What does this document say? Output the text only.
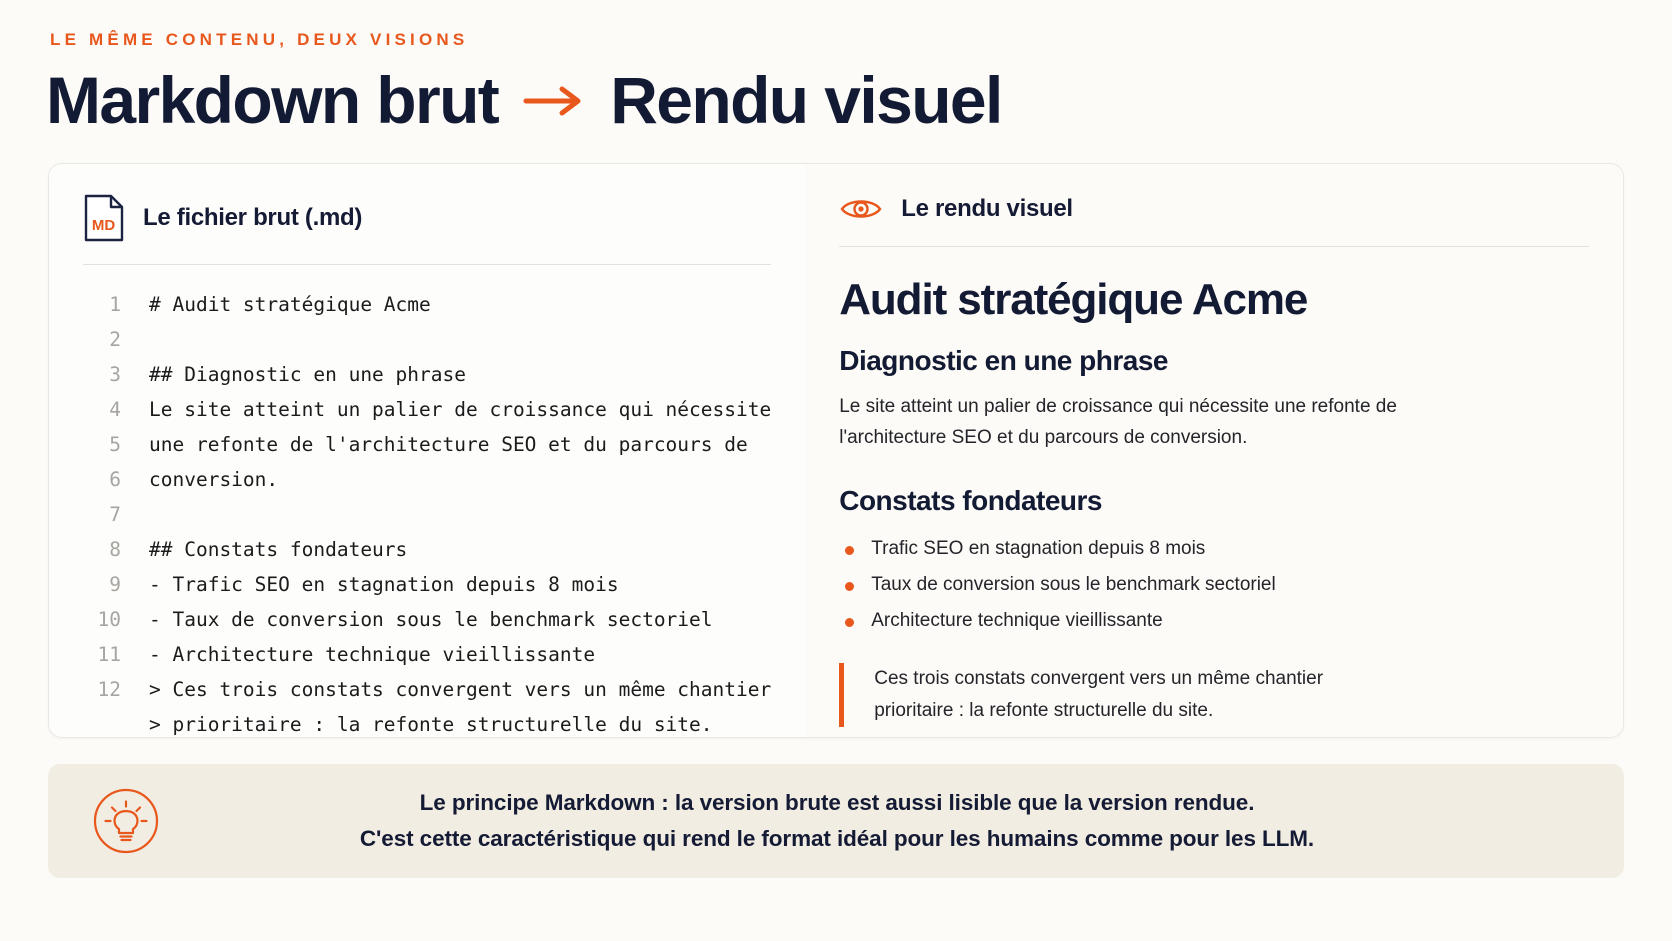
LE MÊME CONTENU, DEUX VISIONS
Markdown brut Rendu visuel
MD Le fichier brut (.md)
1	# Audit stratégique Acme
2
3	## Diagnostic en une phrase
4	Le site atteint un palier de croissance qui nécessite
5	une refonte de l'architecture SEO et du parcours de
6	conversion.
7
8	## Constats fondateurs
9	- Trafic SEO en stagnation depuis 8 mois
10	- Taux de conversion sous le benchmark sectoriel
11	- Architecture technique vieillissante
12	> Ces trois constats convergent vers un même chantier
> prioritaire : la refonte structurelle du site.
Le rendu visuel
Audit stratégique Acme
Diagnostic en une phrase

Le site atteint un palier de croissance qui nécessite une refonte de l'architecture SEO et du parcours de conversion.

Constats fondateurs
Trafic SEO en stagnation depuis 8 mois
Taux de conversion sous le benchmark sectoriel
Architecture technique vieillissante
Ces trois constats convergent vers un même chantier prioritaire : la refonte structurelle du site.
Le principe Markdown : la version brute est aussi lisible que la version rendue.
C'est cette caractéristique qui rend le format idéal pour les humains comme pour les LLM.
